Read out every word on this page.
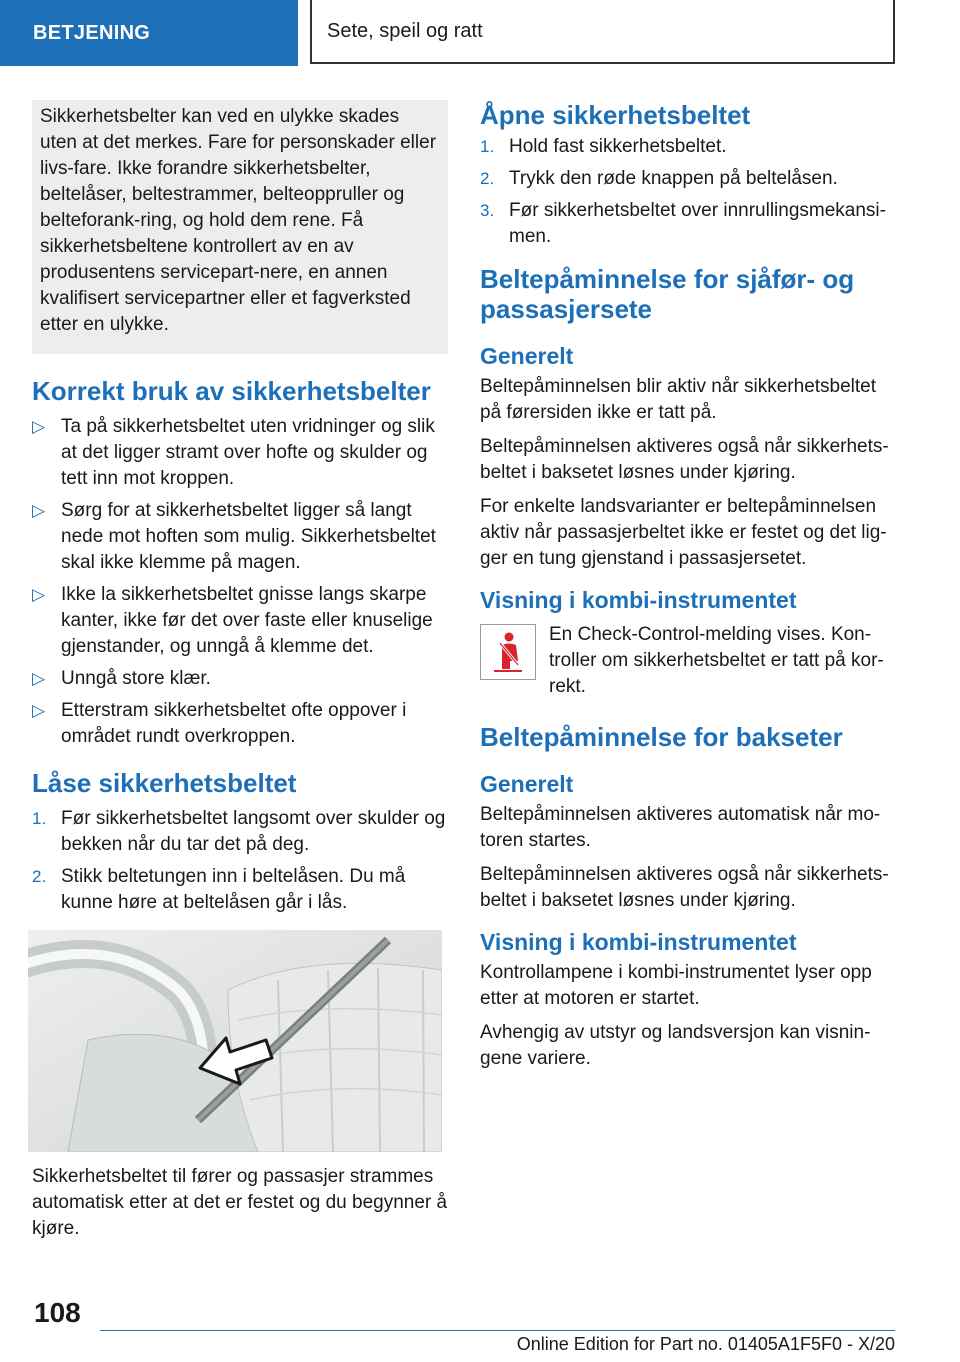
BETJENING	Sete, speil og ratt

Sikkerhetsbelter kan ved en ulykke skades uten at det merkes. Fare for personskader eller livs-fare. Ikke forandre sikkerhetsbelter, beltelåser, beltestrammer, belteoppruller og belteforank-ring, og hold dem rene. Få sikkerhetsbeltene kontrollert av en av produsentens servicepart-nere, en annen kvalifisert servicepartner eller et fagverksted etter en ulykke.

Korrekt bruk av sikkerhetsbelter
▷ Ta på sikkerhetsbeltet uten vridninger og slik at det ligger stramt over hofte og skulder og tett inn mot kroppen.
▷ Sørg for at sikkerhetsbeltet ligger så langt nede mot hoften som mulig. Sikkerhetsbeltet skal ikke klemme på magen.
▷ Ikke la sikkerhetsbeltet gnisse langs skarpe kanter, ikke før det over faste eller knuselige gjenstander, og unngå å klemme det.
▷ Unngå store klær.
▷ Etterstram sikkerhetsbeltet ofte oppover i området rundt overkroppen.
Låse sikkerhetsbeltet
1. Før sikkerhetsbeltet langsomt over skulder og bekken når du tar det på deg.
2. Stikk beltetungen inn i beltelåsen. Du må kunne høre at beltelåsen går i lås.

Sikkerhetsbeltet til fører og passasjer strammes automatisk etter at det er festet og du begynner å kjøre.

Åpne sikkerhetsbeltet
1. Hold fast sikkerhetsbeltet.
2. Trykk den røde knappen på beltelåsen.
3. Før sikkerhetsbeltet over innrullingsmekansi-men.
Beltepåminnelse for sjåfør- og passasjersete
Generelt

Beltepåminnelsen blir aktiv når sikkerhetsbeltet på førersiden ikke er tatt på.

Beltepåminnelsen aktiveres også når sikkerhets-beltet i baksetet løsnes under kjøring.

For enkelte landsvarianter er beltepåminnelsen aktiv når passasjerbeltet ikke er festet og det lig-ger en tung gjenstand i passasjersetet.

Visning i kombi-instrumentet

En Check-Control-melding vises. Kon-troller om sikkerhetsbeltet er tatt på kor-rekt.

Beltepåminnelse for bakseter
Generelt

Beltepåminnelsen aktiveres automatisk når mo-toren startes.

Beltepåminnelsen aktiveres også når sikkerhets-beltet i baksetet løsnes under kjøring.

Visning i kombi-instrumentet

Kontrollampene i kombi-instrumentet lyser opp etter at motoren er startet.

Avhengig av utstyr og landsversjon kan visnin-gene variere.

108
Online Edition for Part no. 01405A1F5F0 - X/20
